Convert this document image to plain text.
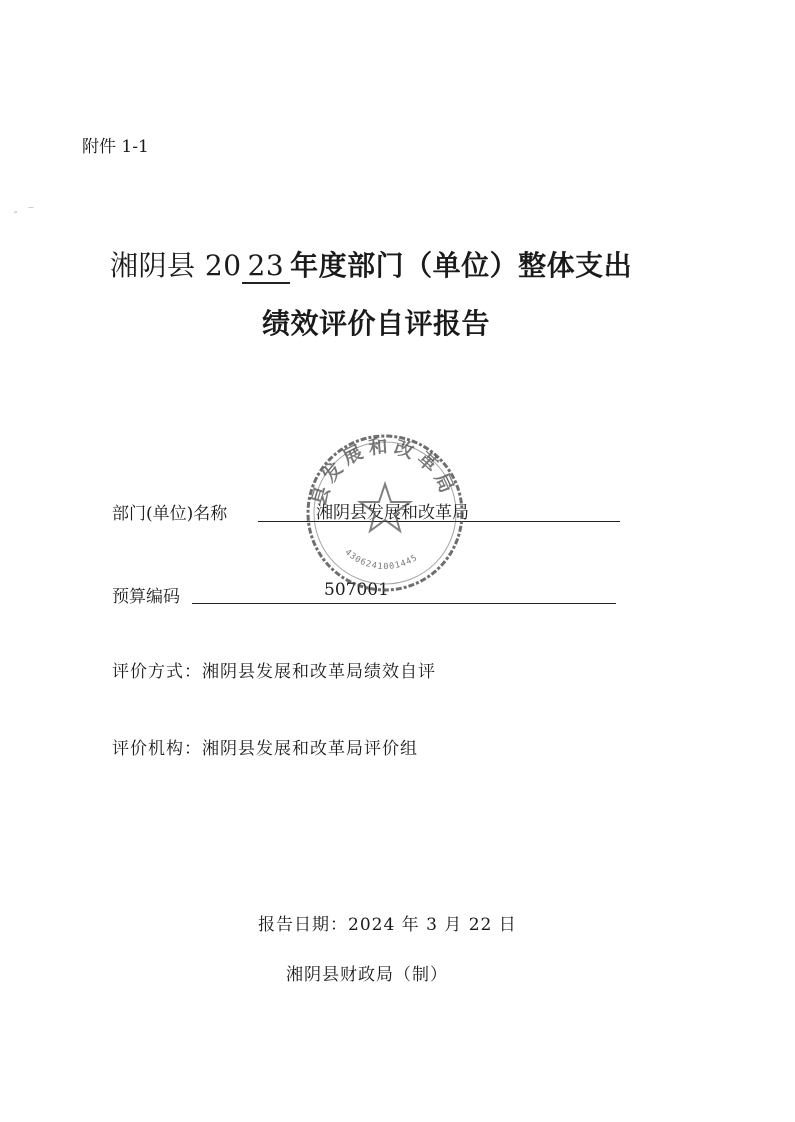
附件 1-1
- ‾
湘阴县 20 23 年度部门（单位）整体支出
绩效评价自评报告
部门(单位)名称	湘阴县发展和改革局
预算编码	507001
县发展和改革局
4306241001445
评价方式：湘阴县发展和改革局绩效自评
评价机构：湘阴县发展和改革局评价组
报告日期：2024 年 3 月 22 日
湘阴县财政局（制）
